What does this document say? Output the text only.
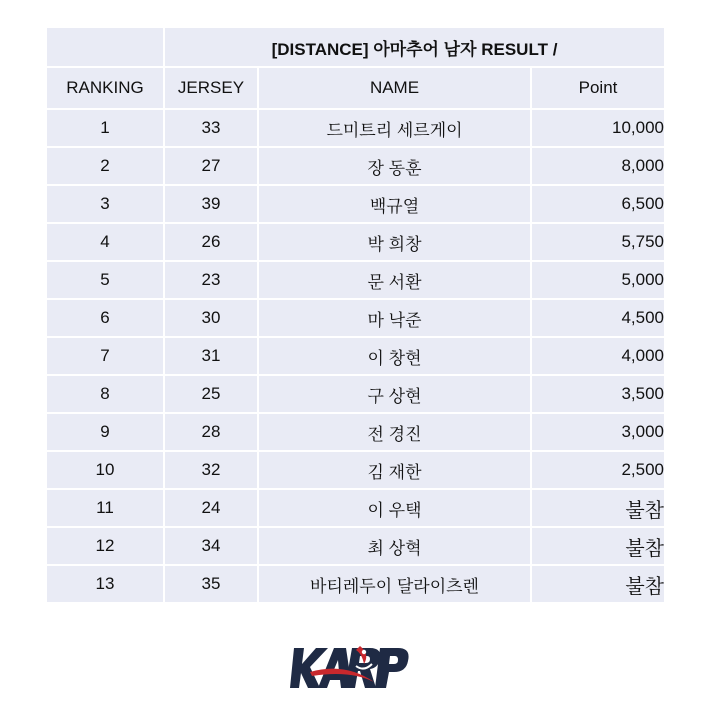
	[DISTANCE] 아마추어 남자 RESULT /		
RANKING	JERSEY	NAME	Point
1	33	드미트리 세르게이	10,000
2	27	장 동훈	8,000
3	39	백규열	6,500
4	26	박 희창	5,750
5	23	문 서환	5,000
6	30	마 낙준	4,500
7	31	이 창현	4,000
8	25	구 상현	3,500
9	28	전 경진	3,000
10	32	김 재한	2,500
11	24	이 우택	불참
12	34	최 상혁	불참
13	35	바티레두이 달라이츠렌	불참
